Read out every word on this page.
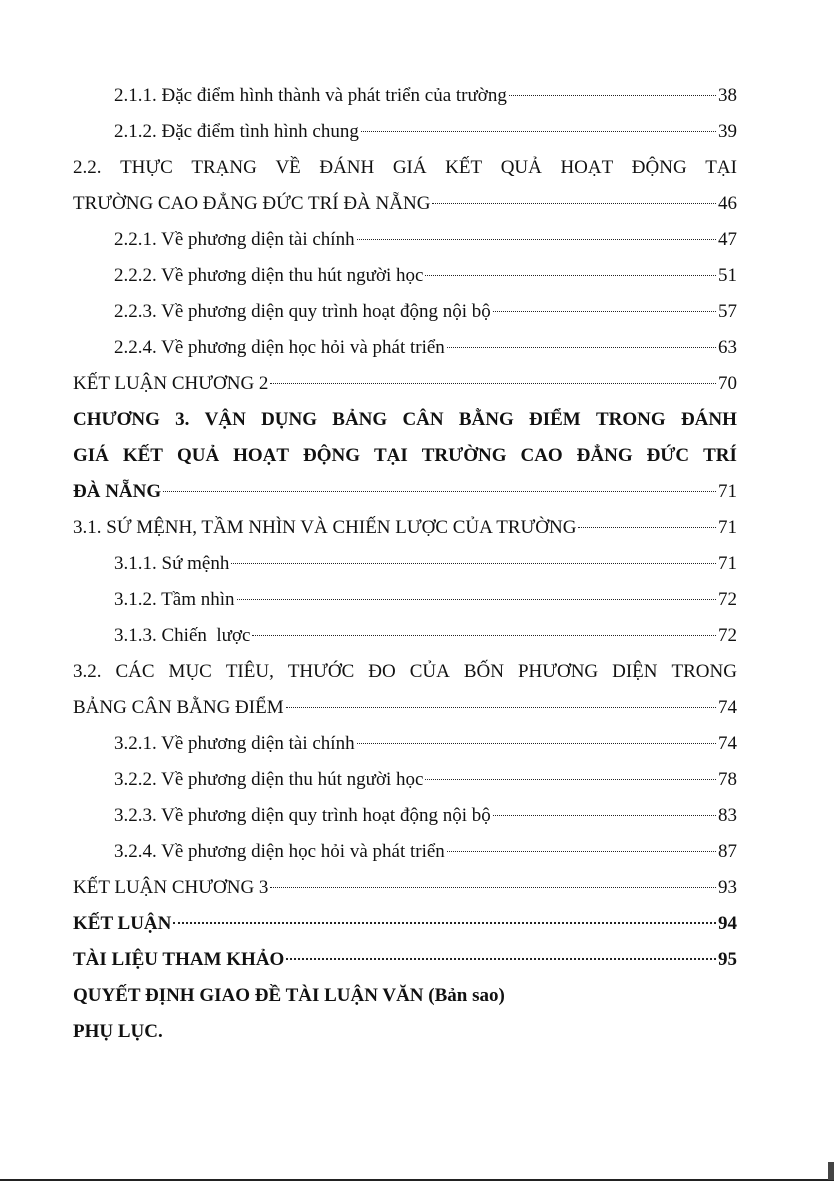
2.1.1. Đặc điểm hình thành và phát triển của trường	38
2.1.2. Đặc điểm tình hình chung	39
2.2. THỰC TRẠNG VỀ ĐÁNH GIÁ KẾT QUẢ HOẠT ĐỘNG TẠI
TRƯỜNG CAO ĐẲNG ĐỨC TRÍ ĐÀ NẴNG	46
2.2.1. Về phương diện tài chính	47
2.2.2. Về phương diện thu hút người học	51
2.2.3. Về phương diện quy trình hoạt động nội bộ	57
2.2.4. Về phương diện học hỏi và phát triển	63
KẾT LUẬN CHƯƠNG 2	70
CHƯƠNG 3. VẬN DỤNG BẢNG CÂN BẰNG ĐIỂM TRONG ĐÁNH
GIÁ KẾT QUẢ HOẠT ĐỘNG TẠI TRƯỜNG CAO ĐẲNG ĐỨC TRÍ
ĐÀ NẴNG	71
3.1. SỨ MỆNH, TẦM NHÌN VÀ CHIẾN LƯỢC CỦA TRƯỜNG	71
3.1.1. Sứ mệnh	71
3.1.2. Tầm nhìn	72
3.1.3. Chiến  lược	72
3.2. CÁC MỤC TIÊU, THƯỚC ĐO CỦA BỐN PHƯƠNG DIỆN TRONG
BẢNG CÂN BẰNG ĐIỂM	74
3.2.1. Về phương diện tài chính	74
3.2.2. Về phương diện thu hút người học	78
3.2.3. Về phương diện quy trình hoạt động nội bộ	83
3.2.4. Về phương diện học hỏi và phát triển	87
KẾT LUẬN CHƯƠNG 3	93
KẾT LUẬN	94
TÀI LIỆU THAM KHẢO	95
QUYẾT ĐỊNH GIAO ĐỀ TÀI LUẬN VĂN (Bản sao)
PHỤ LỤC.
